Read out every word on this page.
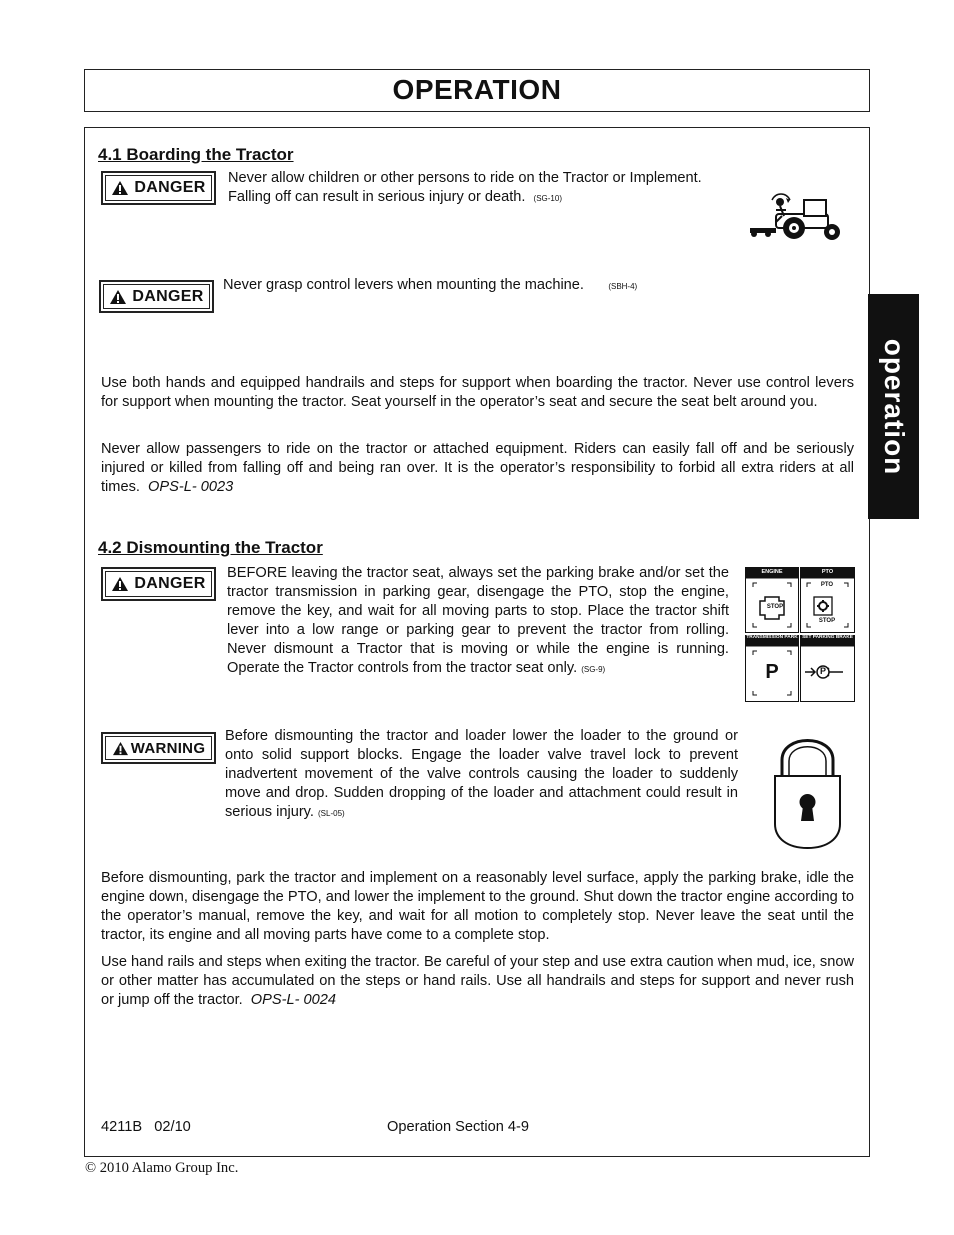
OPERATION
operation
4.1 Boarding the Tractor
DANGER
Never allow children or other persons to ride on the Tractor or Implement. Falling off can result in serious injury or death. (SG-10)
DANGER
Never grasp control levers when mounting the machine.	(SBH-4)
Use both hands and equipped handrails and steps for support when boarding the tractor. Never use control levers for support when mounting the tractor. Seat yourself in the operator’s seat and secure the seat belt around you.
Never allow passengers to ride on the tractor or attached equipment. Riders can easily fall off and be seriously injured or killed from falling off and being ran over. It is the operator’s responsibility to forbid all extra riders at all times. OPS-L- 0023
4.2 Dismounting the Tractor
DANGER
BEFORE leaving the tractor seat, always set the parking brake and/or set the tractor transmission in parking gear, disengage the PTO, stop the engine, remove the key, and wait for all moving parts to stop. Place the tractor shift lever into a low range or parking gear to prevent the tractor from rolling. Never dismount a Tractor that is moving or while the engine is running. Operate the Tractor controls from the tractor seat only. (SG-9)
ENGINE	PTO
STOP
PTO
STOP
TRANSMISSION PARK SET PARKING BRAKE
P	P
WARNING
Before dismounting the tractor and loader lower the loader to the ground or onto solid support blocks. Engage the loader valve travel lock to prevent inadvertent movement of the valve controls causing the loader to suddenly move and drop. Sudden dropping of the loader and attachment could result in serious injury. (SL-05)
Before dismounting, park the tractor and implement on a reasonably level surface, apply the parking brake, idle the engine down, disengage the PTO, and lower the implement to the ground. Shut down the tractor engine according to the operator’s manual, remove the key, and wait for all motion to completely stop. Never leave the seat until the tractor, its engine and all moving parts have come to a complete stop.
Use hand rails and steps when exiting the tractor. Be careful of your step and use extra caution when mud, ice, snow or other matter has accumulated on the steps or hand rails. Use all handrails and steps for support and never rush or jump off the tractor. OPS-L- 0024
4211B   02/10	Operation Section 4-9
© 2010 Alamo Group Inc.
